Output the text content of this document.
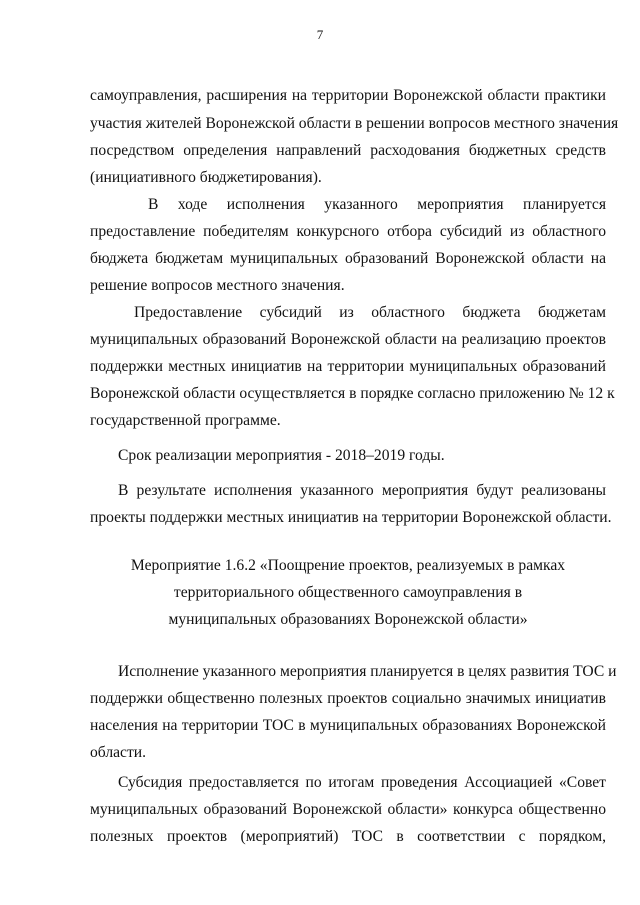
7
самоуправления, расширения на территории Воронежской области практики
участия жителей Воронежской области в решении вопросов местного значения
посредством определения направлений расходования бюджетных средств
(инициативного бюджетирования).
В ходе исполнения указанного мероприятия планируется
предоставление победителям конкурсного отбора субсидий из областного
бюджета бюджетам муниципальных образований Воронежской области на
решение вопросов местного значения.
Предоставление субсидий из областного бюджета бюджетам
муниципальных образований Воронежской области на реализацию проектов
поддержки местных инициатив на территории муниципальных образований
Воронежской области осуществляется в порядке согласно приложению № 12 к
государственной программе.
Срок реализации мероприятия - 2018–2019 годы.
В результате исполнения указанного мероприятия будут реализованы
проекты поддержки местных инициатив на территории Воронежской области.
Мероприятие 1.6.2 «Поощрение проектов, реализуемых в рамках
территориального общественного самоуправления в
муниципальных образованиях Воронежской области»
Исполнение указанного мероприятия планируется в целях развития ТОС и
поддержки общественно полезных проектов социально значимых инициатив
населения на территории ТОС в муниципальных образованиях Воронежской
области.
Субсидия предоставляется по итогам проведения Ассоциацией «Совет
муниципальных образований Воронежской области» конкурса общественно
полезных проектов (мероприятий) ТОС в соответствии с порядком,
